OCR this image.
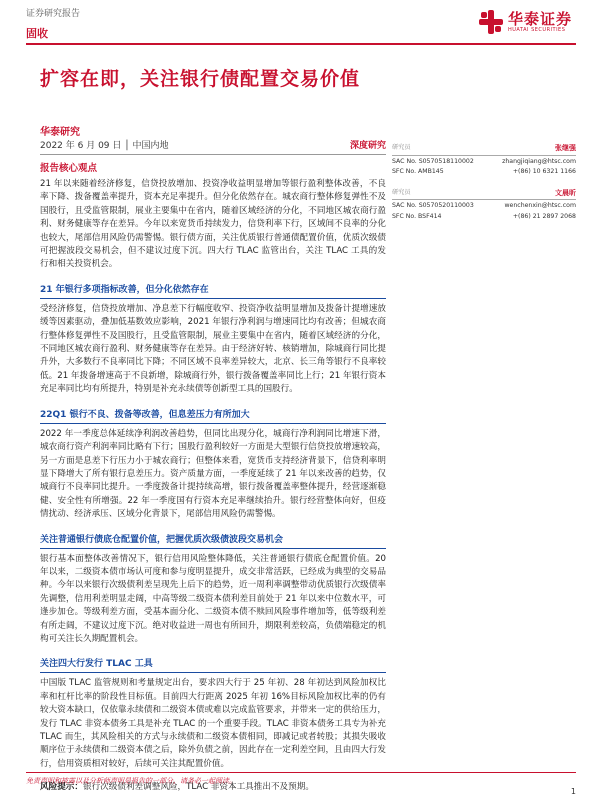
证券研究报告	华泰证券
HUATAI SECURITIES
固收
扩容在即，关注银行债配置交易价值
华泰研究
2022 年 6 月 09 日 │ 中国内地	深度研究
报告核心观点

21 年以来随着经济修复，信贷投放增加、投资净收益明显增加等银行盈利整体改善，不良率下降、拨备覆盖率提升，资本充足率提升。但分化依然存在。城农商行整体修复弹性不及国股行，且受监管限制，展业主要集中在省内，随着区域经济的分化，不同地区城农商行盈利、财务健康等存在差异。今年以来宽货币持续发力，信贷利率下行，区域间不良率的分化也较大，尾部信用风险仍需警惕。银行债方面，关注优质银行普通债配置价值，优质次级债可把握波段交易机会，但不建议过度下沉。四大行 TLAC 监管出台，关注 TLAC 工具的发行和相关投资机会。

21 年银行多项指标改善，但分化依然存在

受经济修复，信贷投放增加、净息差下行幅度收窄、投资净收益明显增加及拨备计提增速放缓等因素驱动，叠加低基数效应影响，2021 年银行净利润与增速同比均有改善；但城农商行整体修复弹性不及国股行，且受监管限制，展业主要集中在省内，随着区域经济的分化，不同地区城农商行盈利、财务健康等存在差异。由于经济好转、核销增加，除城商行同比提升外，大多数行不良率同比下降；不同区域不良率差异较大，北京、长三角等银行不良率较低。21 年拨备增速高于不良新增，除城商行外，银行拨备覆盖率同比上行；21 年银行资本充足率同比均有所提升，特别是补充永续债等创新型工具的国股行。

22Q1 银行不良、拨备等改善，但息差压力有所加大

2022 年一季度总体延续净利润改善趋势，但同比出现分化，城商行净利润同比增速下滑，城农商行资产利润率同比略有下行；国股行盈利较好一方面是大型银行信贷投放增速较高，另一方面是息差下行压力小于城农商行；但整体来看，宽货币支持经济背景下，信贷利率明显下降增大了所有银行息差压力。资产质量方面，一季度延续了 21 年以来改善的趋势，仅城商行不良率同比提升。一季度拨备计提持续高增，银行拨备覆盖率整体提升，经营逐渐稳健、安全性有所增强。22 年一季度国有行资本充足率继续抬升。银行经营整体向好，但疫情扰动、经济承压、区域分化背景下，尾部信用风险仍需警惕。

关注普通银行债底仓配置价值，把握优质次级债波段交易机会

银行基本面整体改善情况下，银行信用风险整体降低，关注普通银行债底仓配置价值。20 年以来，二级资本债市场认可度和参与度明显提升，成交非常活跃，已经成为典型的交易品种。今年以来银行次级债利差呈现先上后下的趋势，近一周利率调整带动优质银行次级债率先调整，信用利差明显走阔，中高等级二级资本债利差目前处于 21 年以来中位数水平，可逢步加仓。等级利差方面，受基本面分化、二级资本债不赎回风险事件增加等，低等级利差有所走阔，不建议过度下沉。绝对收益进一周也有所回升，期限利差较高，负债端稳定的机构可关注长久期配置机会。

关注四大行发行 TLAC 工具

中国版 TLAC 监管规则和考量规定出台，要求四大行于 25 年初、28 年初达到风险加权比率和杠杆比率的阶段性目标值。目前四大行距离 2025 年初 16%目标风险加权比率的仍有较大资本缺口，仅依靠永续债和二级资本债或难以完成监管要求，并带来一定的供给压力，发行 TLAC 非资本债务工具是补充 TLAC 的一个重要手段。TLAC 非资本债务工具专为补充 TLAC 而生，其风险相关的方式与永续债和二级资本债相同，即减记或者转股；其损失吸收顺序位于永续债和二级资本债之后，除外负债之前，因此存在一定利差空间，且由四大行发行，信用资质相对较好，后续可关注其配置价值。

风险提示：银行次级债利差调整风险，TLAC 非资本工具推出不及预期。

研究员	张继强
SAC No. S0570518110002	zhangjiqiang@htsc.com
SFC No. AMB145	+(86) 10 6321 1166
研究员	文晨昕
SAC No. S0570520110003	wenchenxin@htsc.com
SFC No. BSF414	+(86) 21 2897 2068
免责声明和披露以及分析师声明是报告的一部分，请务必一起阅读。
1
